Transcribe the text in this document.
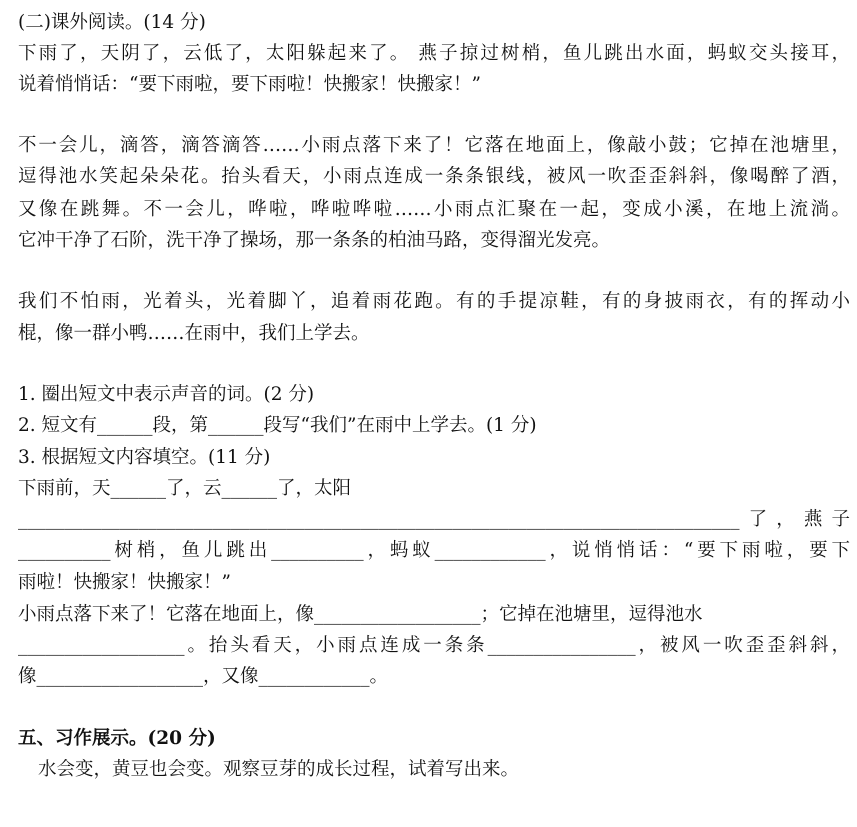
(二)课外阅读。(14 分)
下雨了，天阴了，云低了，太阳躲起来了。 燕子掠过树梢，鱼儿跳出水面，蚂蚁交头接耳，
说着悄悄话：“要下雨啦，要下雨啦！快搬家！快搬家！”
不一会儿，滴答，滴答滴答……小雨点落下来了！它落在地面上，像敲小鼓；它掉在池塘里，
逗得池水笑起朵朵花。抬头看天，小雨点连成一条条银线，被风一吹歪歪斜斜，像喝醉了酒，
又像在跳舞。不一会儿，哗啦，哗啦哗啦……小雨点汇聚在一起，变成小溪，在地上流淌。
它冲干净了石阶，洗干净了操场，那一条条的柏油马路，变得溜光发亮。
我们不怕雨，光着头，光着脚丫，追着雨花跑。有的手提凉鞋，有的身披雨衣，有的挥动小
棍，像一群小鸭……在雨中，我们上学去。
1. 圈出短文中表示声音的词。(2 分)
2. 短文有______段，第______段写“我们”在雨中上学去。(1 分)
3. 根据短文内容填空。(11 分)
下雨前，天______了，云______了，太阳
______________________________________________________________________________了，燕子
__________树梢，鱼儿跳出__________，蚂蚁____________，说悄悄话：“要下雨啦，要下
雨啦！快搬家！快搬家！”
小雨点落下来了！它落在地面上，像__________________；它掉在池塘里，逗得池水
__________________。抬头看天，小雨点连成一条条________________，被风一吹歪歪斜斜，
像__________________，又像____________。
五、习作展示。(20 分)
水会变，黄豆也会变。观察豆芽的成长过程，试着写出来。
